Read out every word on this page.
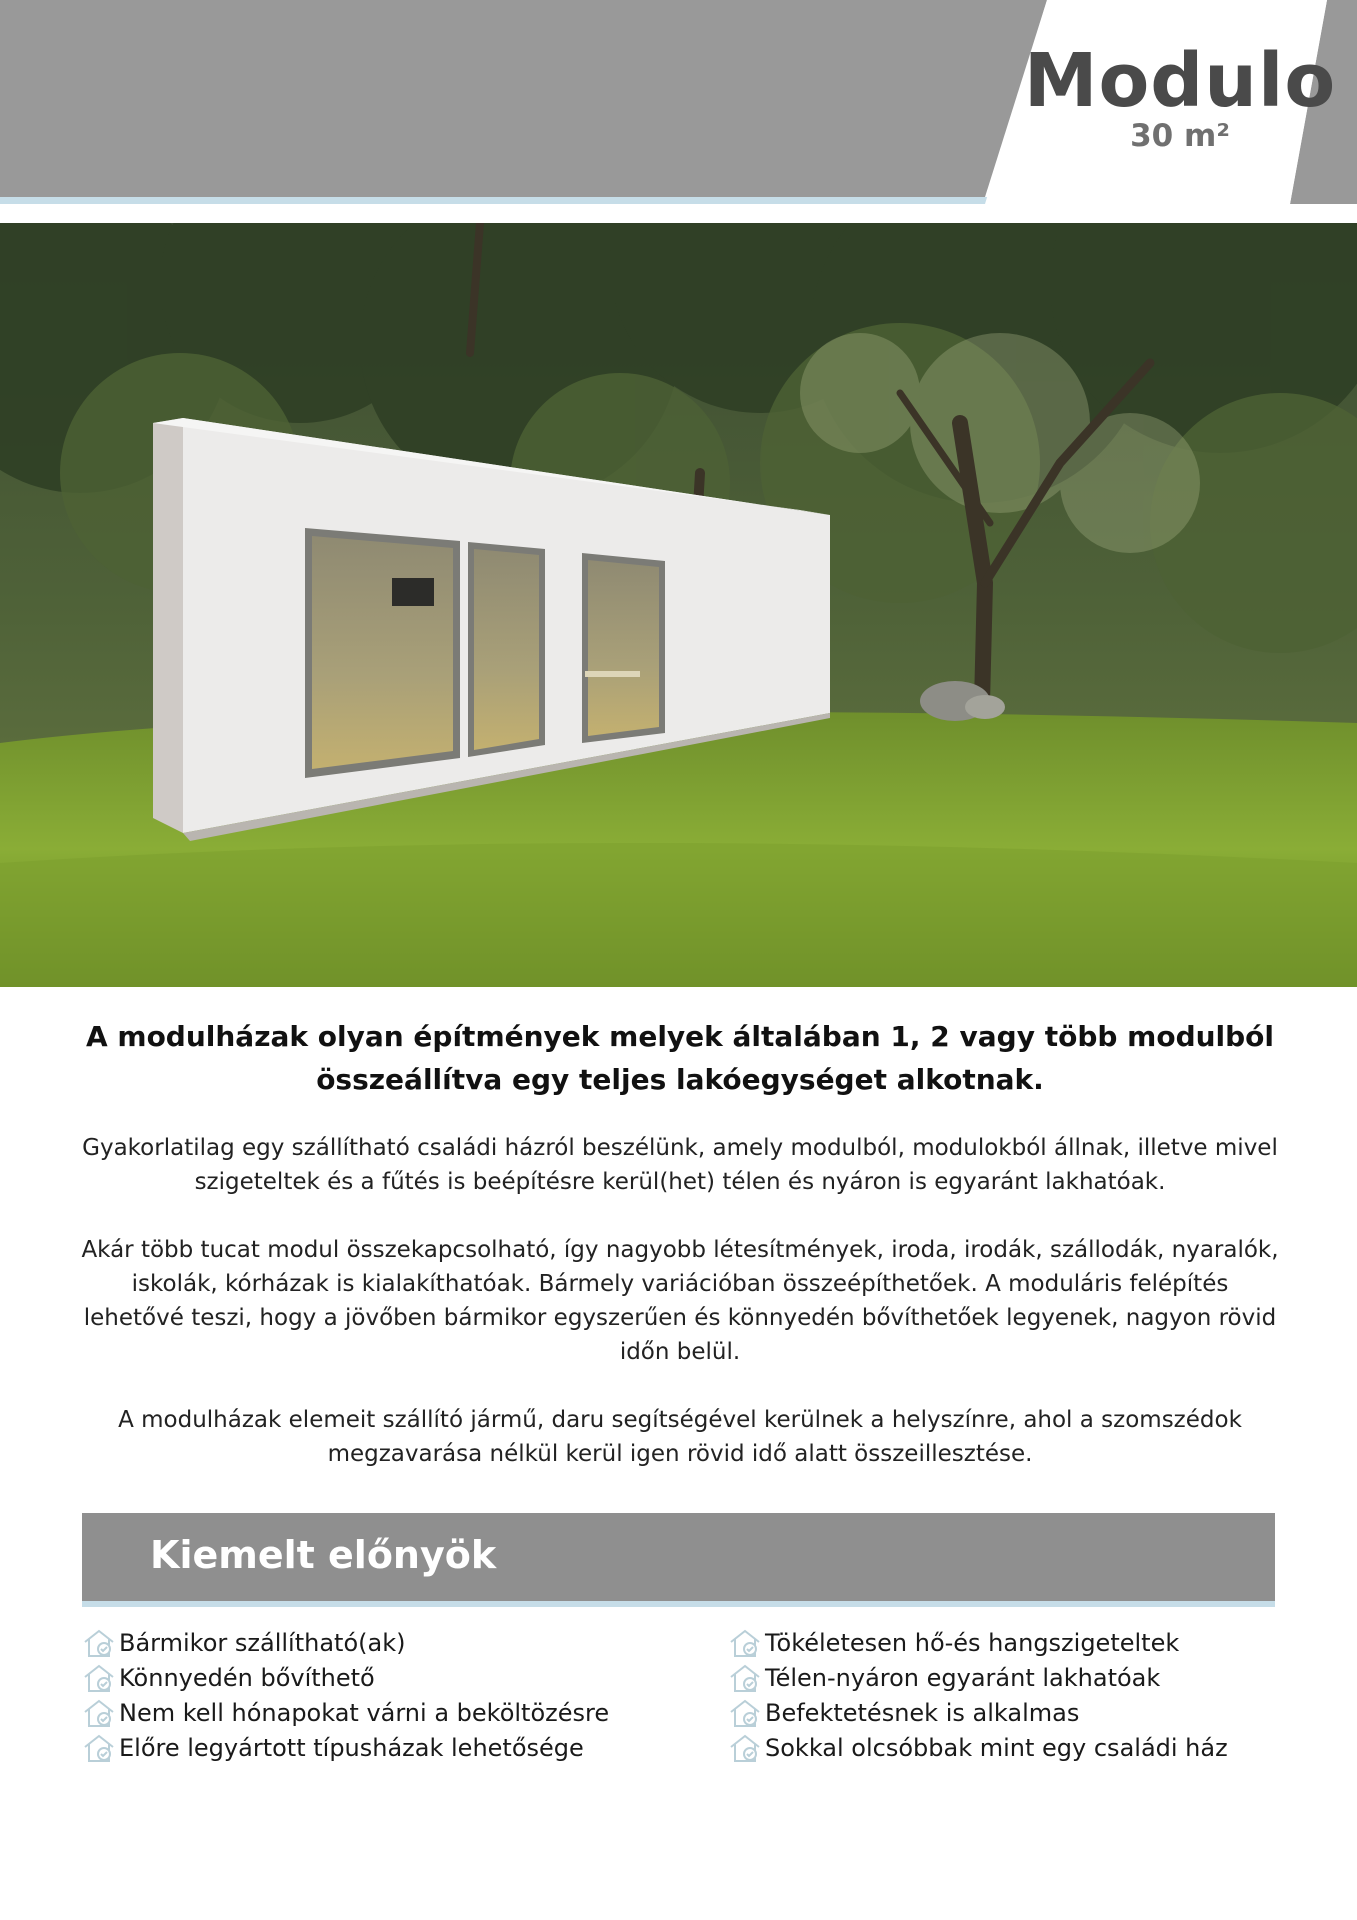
Modulo
30 m²

A modulházak olyan építmények melyek általában 1, 2 vagy több modulból összeállítva egy teljes lakóegységet alkotnak.

Gyakorlatilag egy szállítható családi házról beszélünk, amely modulból, modulokból állnak, illetve mivel szigeteltek és a fűtés is beépítésre kerül(het) télen és nyáron is egyaránt lakhatóak.

Akár több tucat modul összekapcsolható, így nagyobb létesítmények, iroda, irodák, szállodák, nyaralók, iskolák, kórházak is kialakíthatóak. Bármely variációban összeépíthetőek. A moduláris felépítés lehetővé teszi, hogy a jövőben bármikor egyszerűen és könnyedén bővíthetőek legyenek, nagyon rövid időn belül.

A modulházak elemeit szállító jármű, daru segítségével kerülnek a helyszínre, ahol a szomszédok megzavarása nélkül kerül igen rövid idő alatt összeillesztése.

Kiemelt előnyök
Bármikor szállítható(ak)
Könnyedén bővíthető
Nem kell hónapokat várni a beköltözésre
Előre legyártott típusházak lehetősége
Tökéletesen hő-és hangszigeteltek
Télen-nyáron egyaránt lakhatóak
Befektetésnek is alkalmas
Sokkal olcsóbbak mint egy családi ház
